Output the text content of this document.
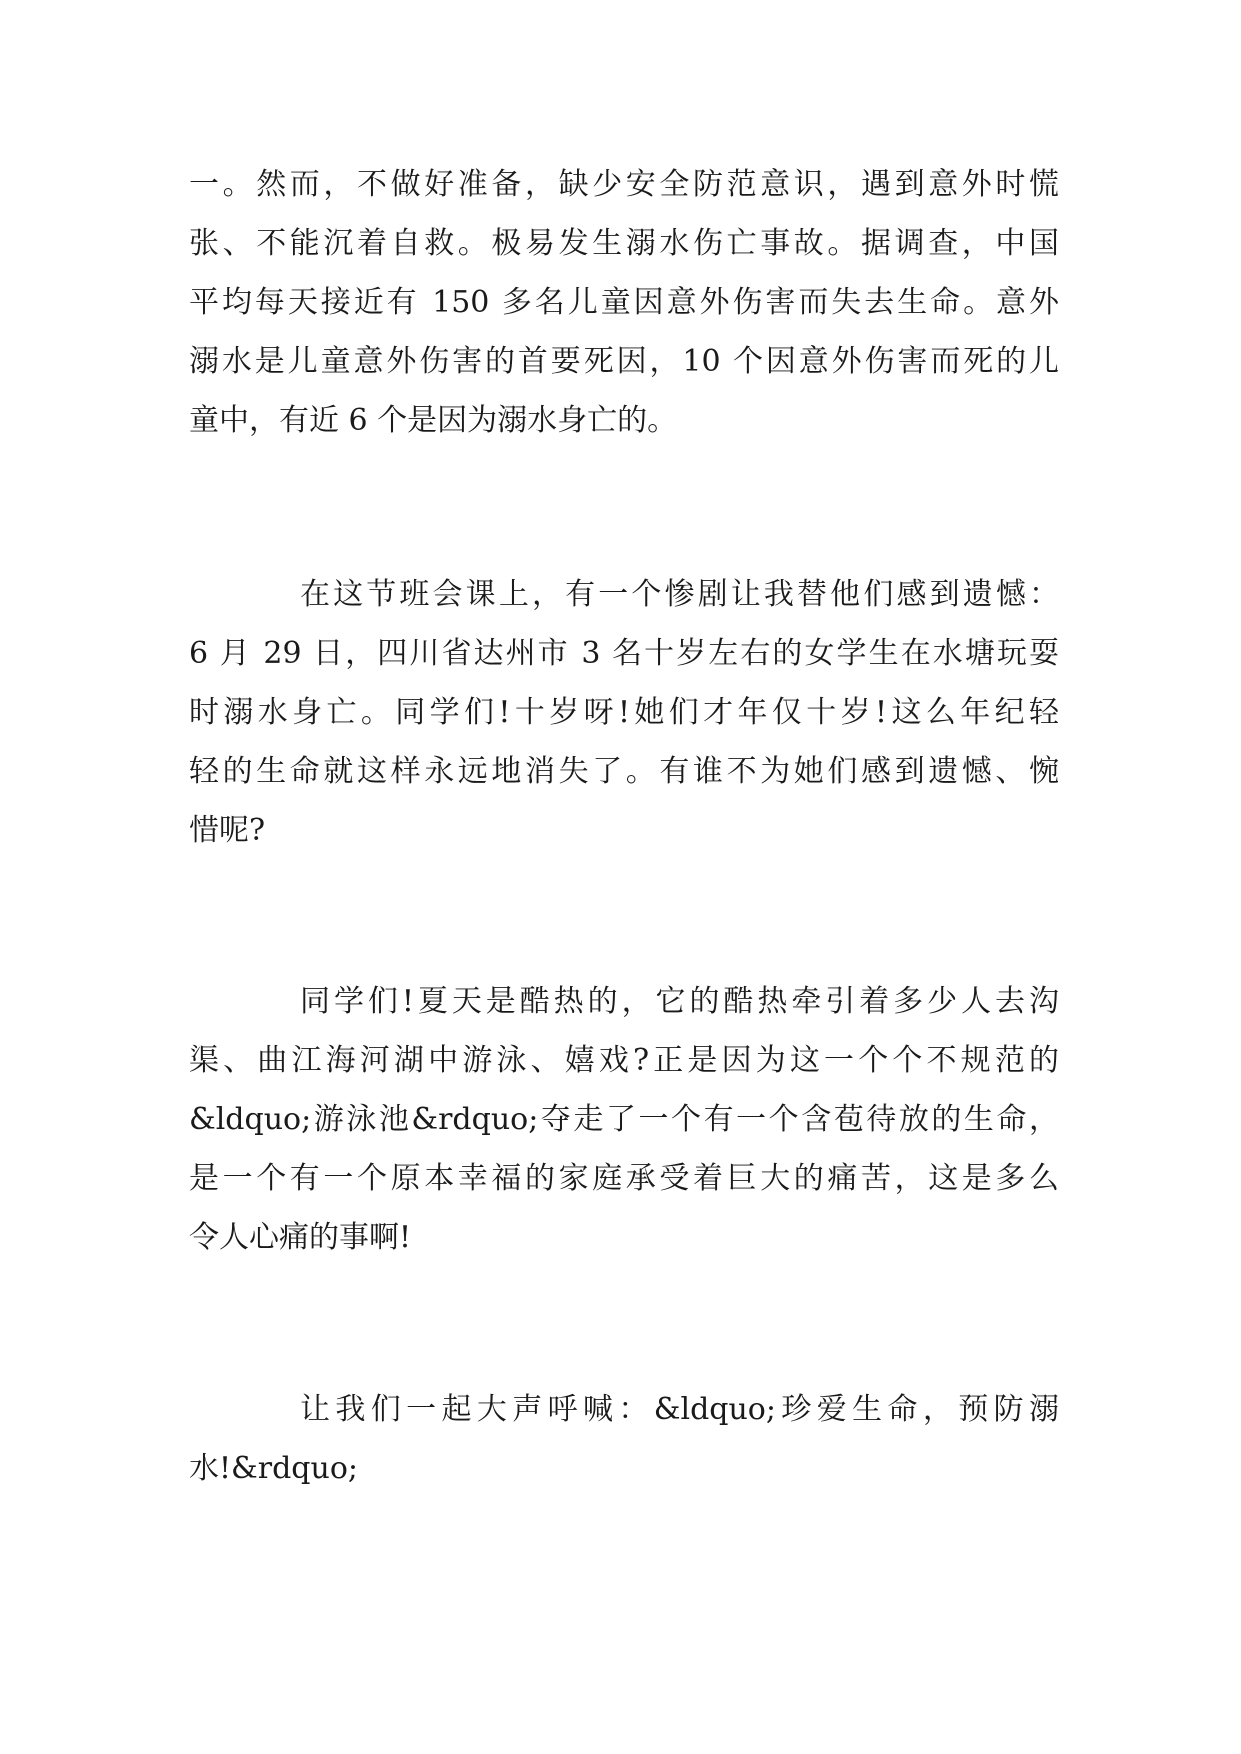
一。然而，不做好准备，缺少安全防范意识，遇到意外时慌
张、不能沉着自救。极易发生溺水伤亡事故。据调查，中国
平均每天接近有 150 多名儿童因意外伤害而失去生命。意外
溺水是儿童意外伤害的首要死因，10 个因意外伤害而死的儿
童中，有近 6 个是因为溺水身亡的。
在这节班会课上，有一个惨剧让我替他们感到遗憾：
6 月 29 日，四川省达州市 3 名十岁左右的女学生在水塘玩耍
时溺水身亡。同学们!十岁呀!她们才年仅十岁!这么年纪轻
轻的生命就这样永远地消失了。有谁不为她们感到遗憾、惋
惜呢?
同学们!夏天是酷热的，它的酷热牵引着多少人去沟
渠、曲江海河湖中游泳、嬉戏?正是因为这一个个不规范的
&ldquo;游泳池&rdquo;夺走了一个有一个含苞待放的生命，
是一个有一个原本幸福的家庭承受着巨大的痛苦，这是多么
令人心痛的事啊!
让我们一起大声呼喊：&ldquo;珍爱生命，预防溺
水!&rdquo;
